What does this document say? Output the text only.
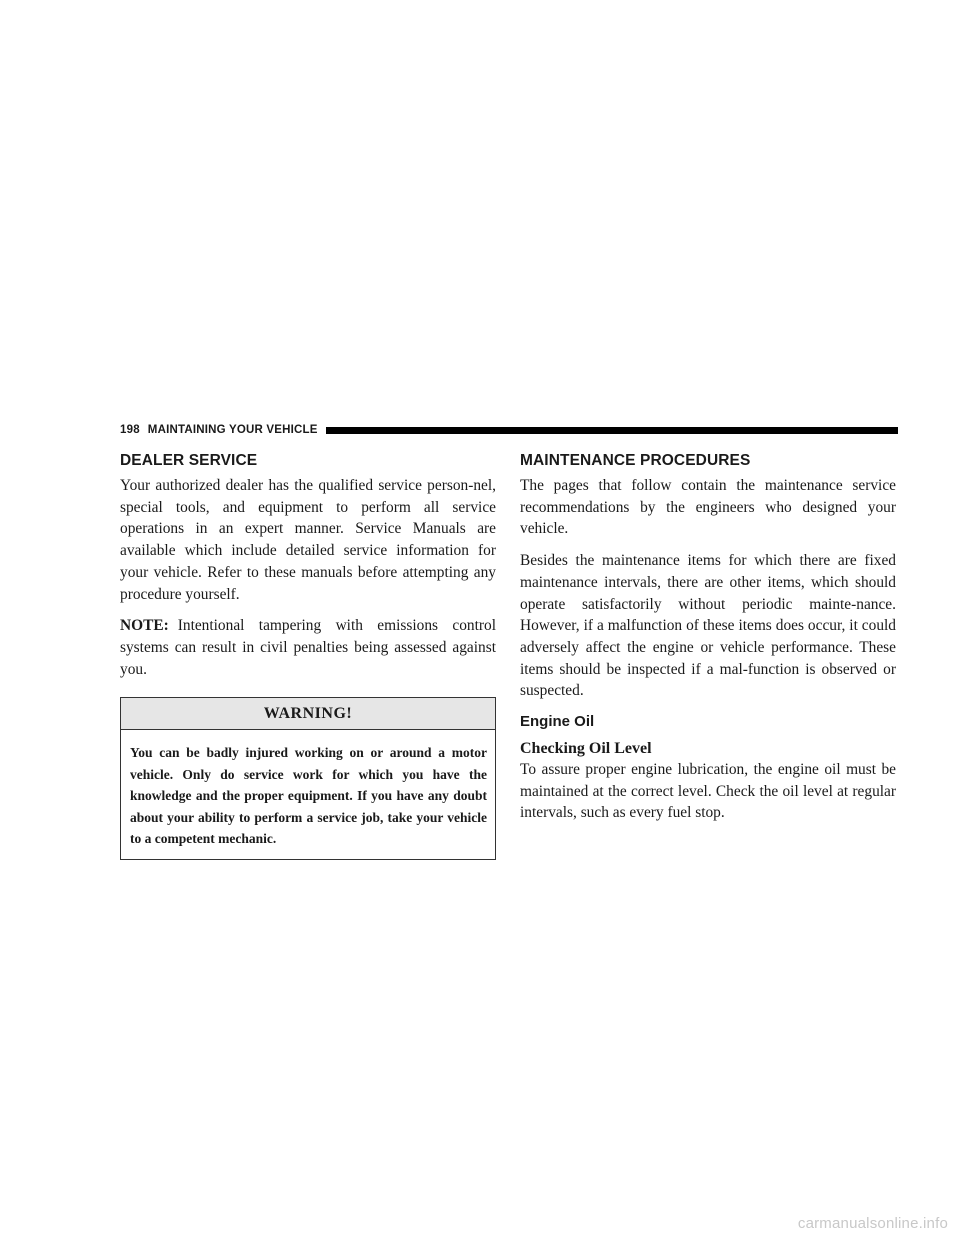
198 MAINTAINING YOUR VEHICLE
DEALER SERVICE

Your authorized dealer has the qualified service person-nel, special tools, and equipment to perform all service operations in an expert manner. Service Manuals are available which include detailed service information for your vehicle. Refer to these manuals before attempting any procedure yourself.

NOTE: Intentional tampering with emissions control systems can result in civil penalties being assessed against you.

WARNING!
You can be badly injured working on or around a motor vehicle. Only do service work for which you have the knowledge and the proper equipment. If you have any doubt about your ability to perform a service job, take your vehicle to a competent mechanic.
MAINTENANCE PROCEDURES

The pages that follow contain the maintenance service recommendations by the engineers who designed your vehicle.

Besides the maintenance items for which there are fixed maintenance intervals, there are other items, which should operate satisfactorily without periodic mainte-nance. However, if a malfunction of these items does occur, it could adversely affect the engine or vehicle performance. These items should be inspected if a mal-function is observed or suspected.

Engine Oil
Checking Oil Level

To assure proper engine lubrication, the engine oil must be maintained at the correct level. Check the oil level at regular intervals, such as every fuel stop.

carmanualsonline.info
